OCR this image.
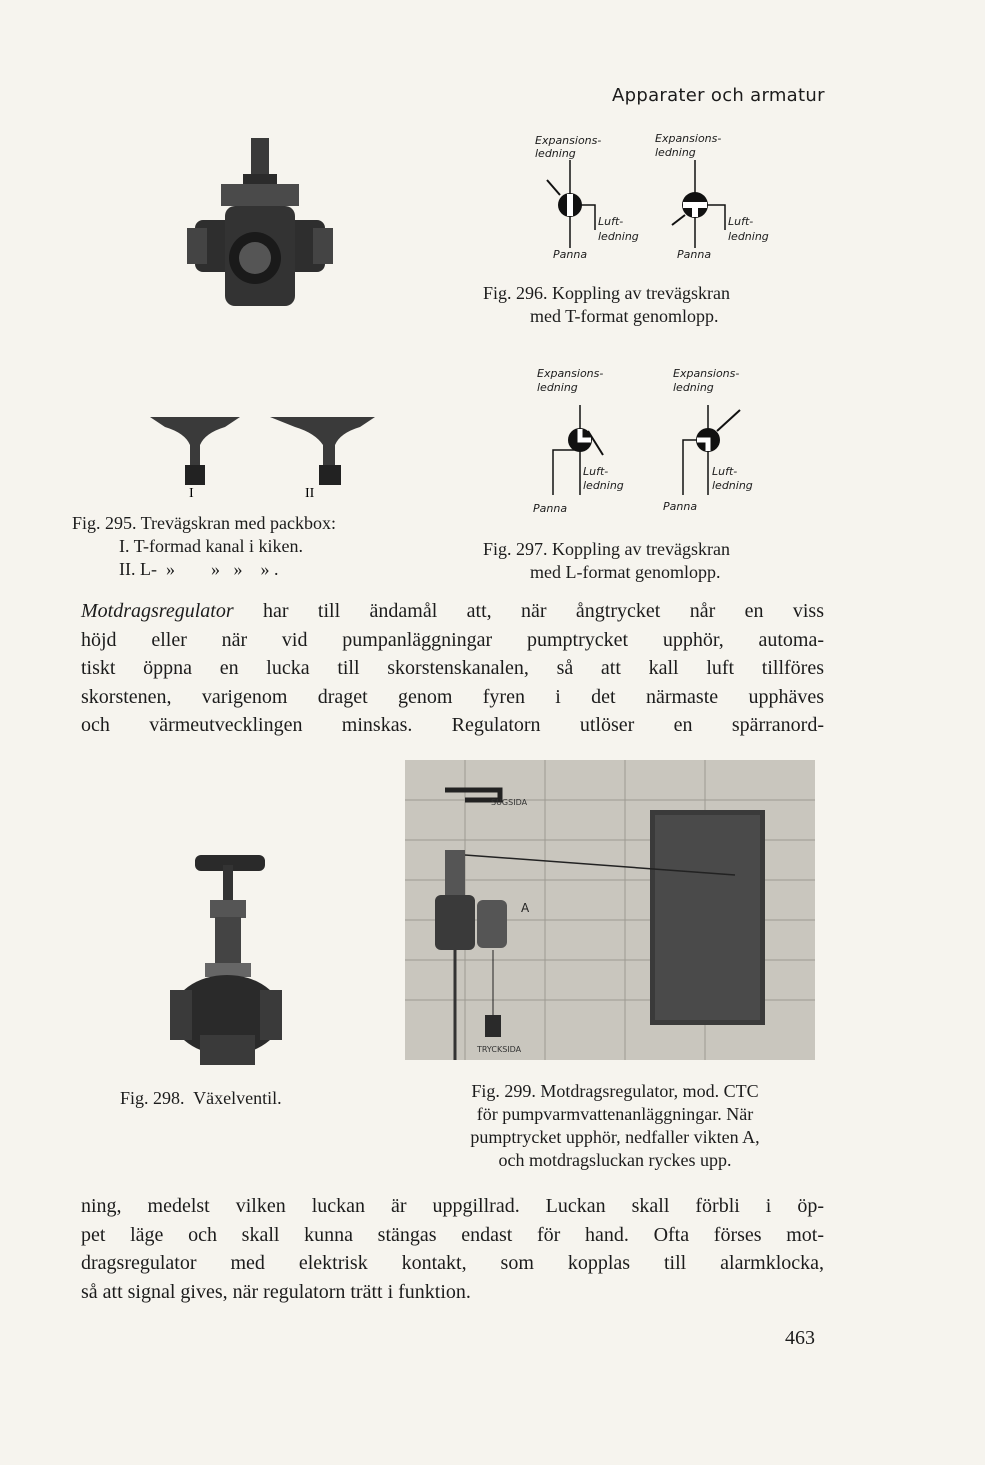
Apparater och armatur
Expansions-
ledning
Expansions-
ledning
Luft-
ledning
Panna
Luft-
ledning
Panna
Fig. 296. Koppling av trevägskran
med T-format genomlopp.
I	II
Fig. 295. Trevägskran med packbox:
I. T-formad kanal i kiken.
II. L-  »        »   »    » .
Expansions-
ledning
Expansions-
ledning
Luft-
ledning
Panna
Luft-
ledning
Panna
Fig. 297. Koppling av trevägskran
med L-format genomlopp.
Motdragsregulator har till ändamål att, när ångtrycket når en viss
höjd eller när vid pumpanläggningar pumptrycket upphör, automa-
tiskt öppna en lucka till skorstenskanalen, så att kall luft tillföres
skorstenen, varigenom draget genom fyren i det närmaste upphäves
och värmeutvecklingen minskas. Regulatorn utlöser en spärranord-
SUGSIDA
TRYCKSIDA
A
Fig. 298.  Växelventil.	Fig. 299. Motdragsregulator, mod. CTC
för pumpvarmvattenanläggningar. När
pumptrycket upphör, nedfaller vikten A,
och motdragsluckan ryckes upp.
ning, medelst vilken luckan är uppgillrad. Luckan skall förbli i öp-
pet läge och skall kunna stängas endast för hand. Ofta förses mot-
dragsregulator med elektrisk kontakt, som kopplas till alarmklocka,
så att signal gives, när regulatorn trätt i funktion.
463
